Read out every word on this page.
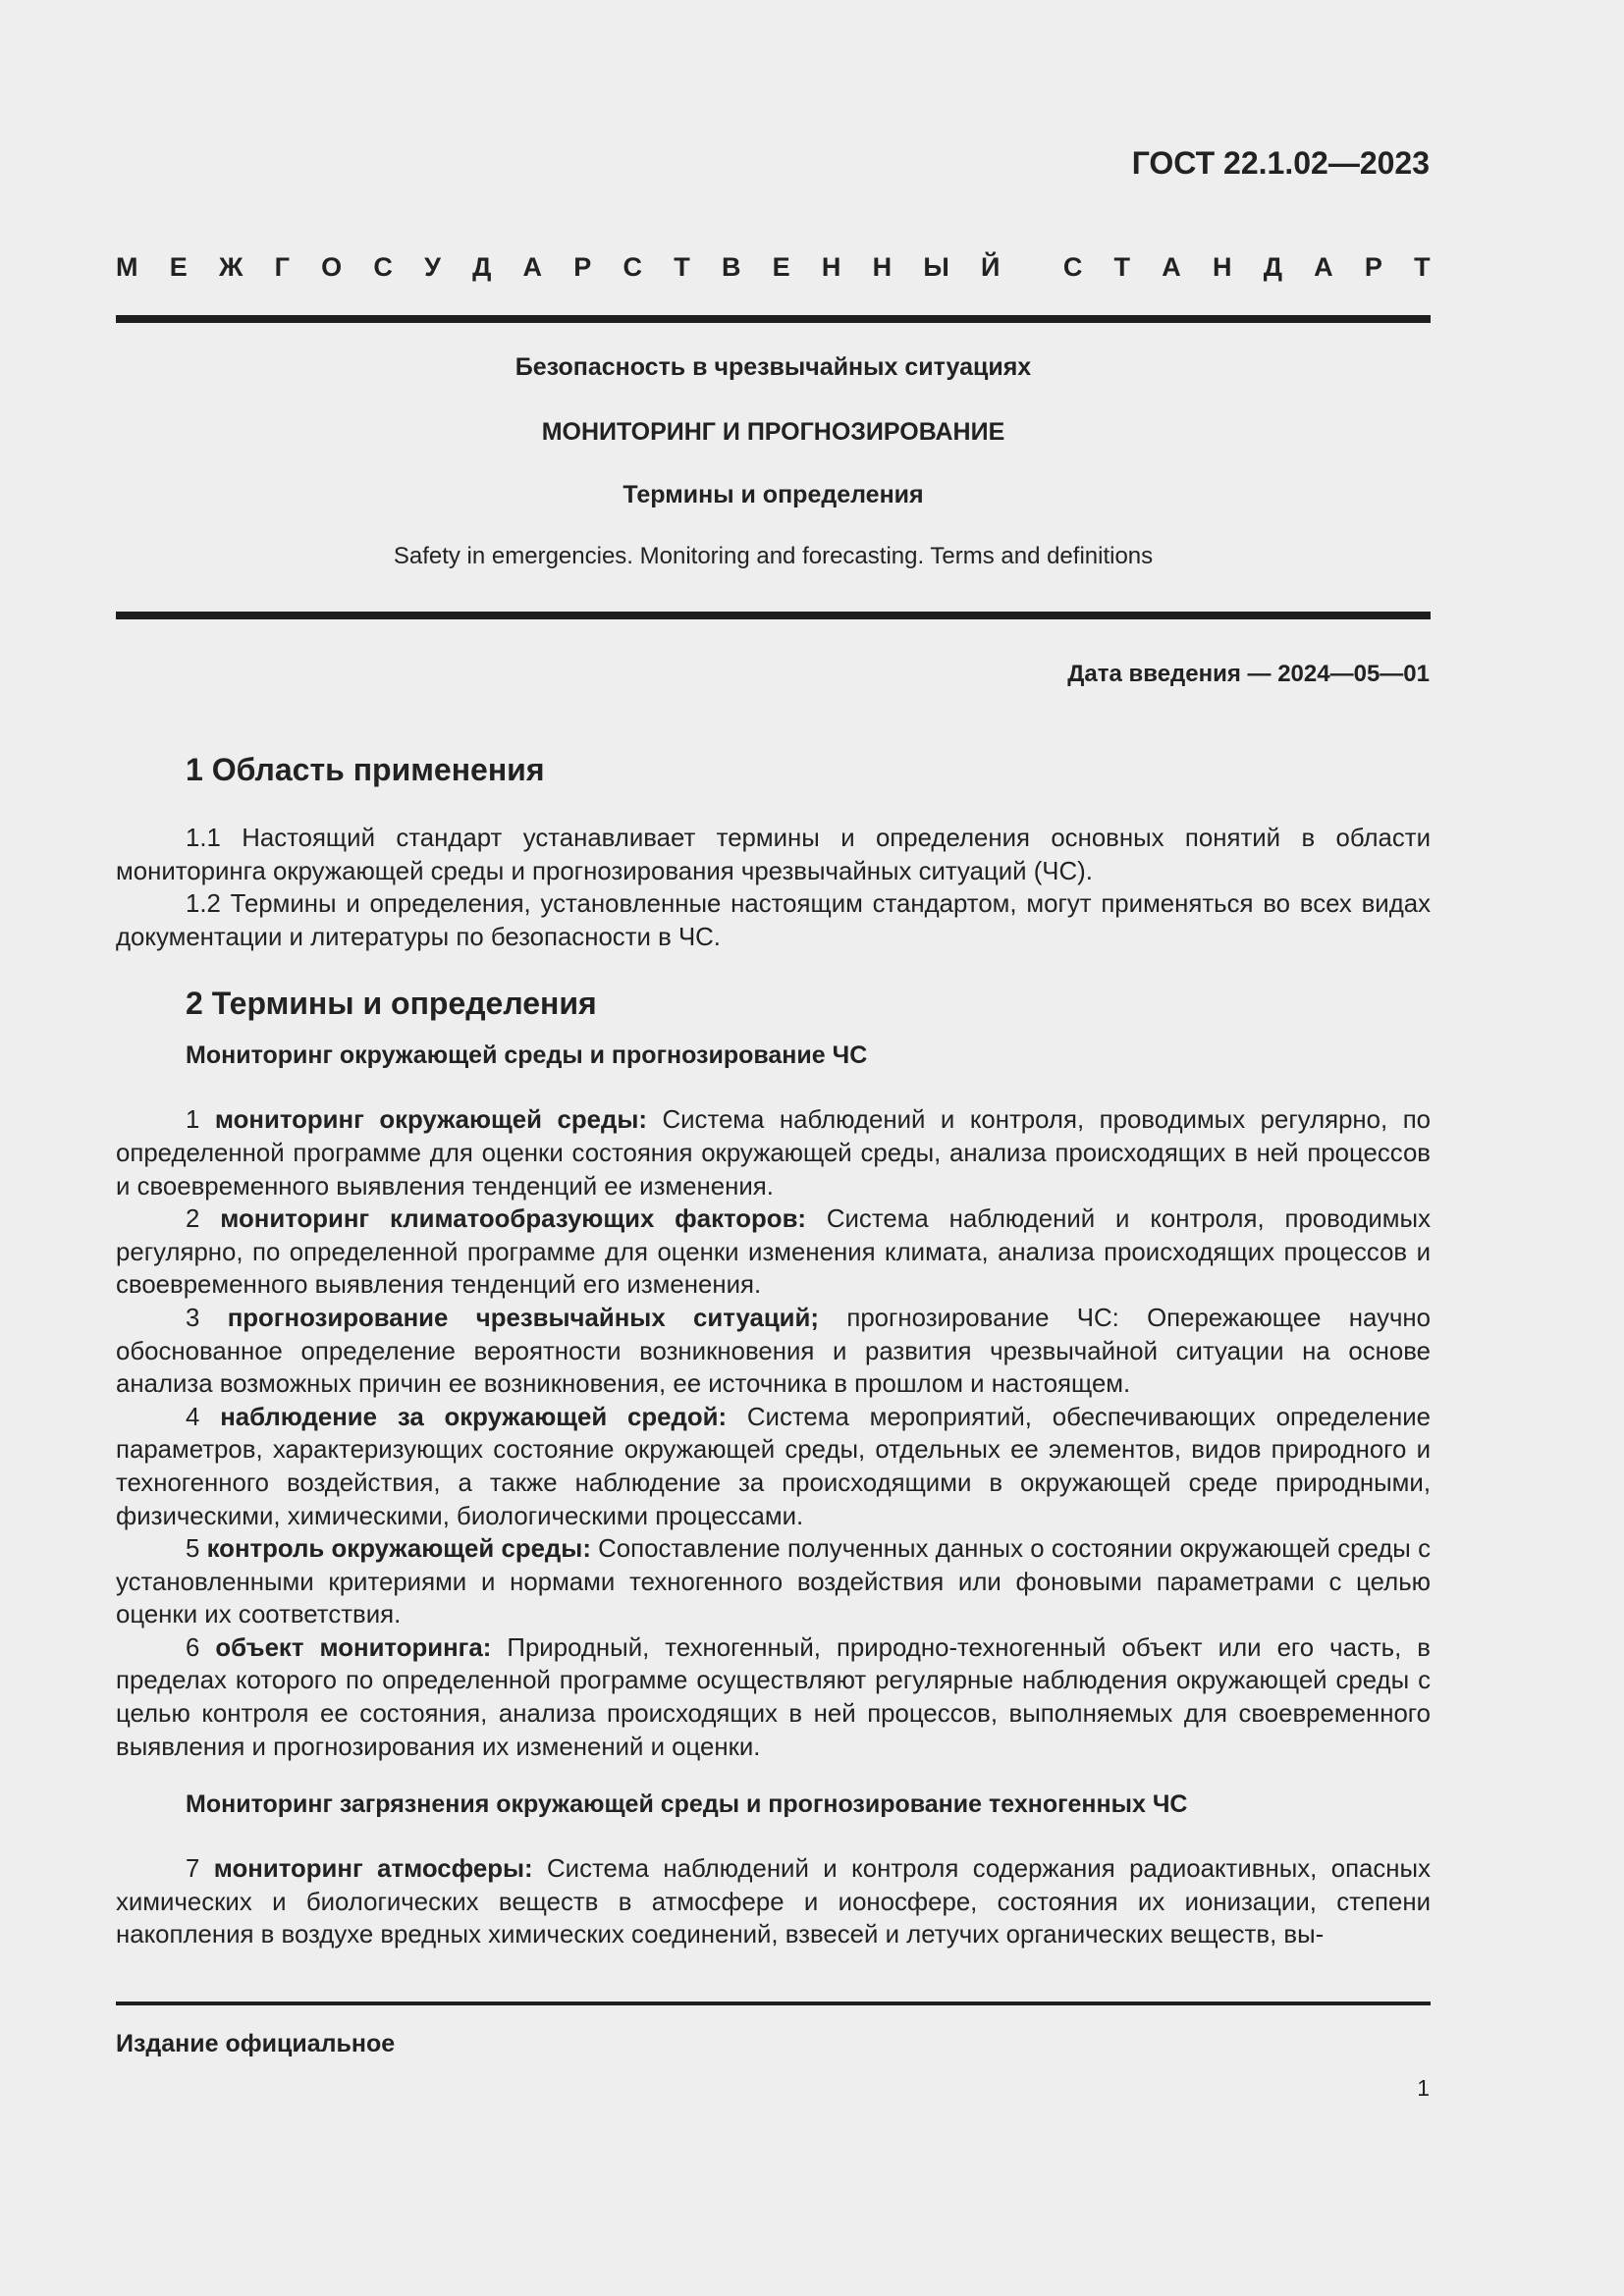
ГОСТ 22.1.02—2023
М Е Ж Г О С У Д А Р С Т В Е Н Н Ы Й С Т А Н Д А Р Т
Безопасность в чрезвычайных ситуациях
МОНИТОРИНГ И ПРОГНОЗИРОВАНИЕ
Термины и определения
Safety in emergencies. Monitoring and forecasting. Terms and definitions
Дата введения — 2024—05—01
1 Область применения

1.1 Настоящий стандарт устанавливает термины и определения основных понятий в области мониторинга окружающей среды и прогнозирования чрезвычайных ситуаций (ЧС).

1.2 Термины и определения, установленные настоящим стандартом, могут применяться во всех видах документации и литературы по безопасности в ЧС.

2 Термины и определения
Мониторинг окружающей среды и прогнозирование ЧС

1 мониторинг окружающей среды: Система наблюдений и контроля, проводимых регулярно, по определенной программе для оценки состояния окружающей среды, анализа происходящих в ней процессов и своевременного выявления тенденций ее изменения.

2 мониторинг климатообразующих факторов: Система наблюдений и контроля, проводимых регулярно, по определенной программе для оценки изменения климата, анализа происходящих процессов и своевременного выявления тенденций его изменения.

3 прогнозирование чрезвычайных ситуаций; прогнозирование ЧС: Опережающее научно обоснованное определение вероятности возникновения и развития чрезвычайной ситуации на основе анализа возможных причин ее возникновения, ее источника в прошлом и настоящем.

4 наблюдение за окружающей средой: Система мероприятий, обеспечивающих определение параметров, характеризующих состояние окружающей среды, отдельных ее элементов, видов природного и техногенного воздействия, а также наблюдение за происходящими в окружающей среде природными, физическими, химическими, биологическими процессами.

5 контроль окружающей среды: Сопоставление полученных данных о состоянии окружающей среды с установленными критериями и нормами техногенного воздействия или фоновыми параметрами с целью оценки их соответствия.

6 объект мониторинга: Природный, техногенный, природно-техногенный объект или его часть, в пределах которого по определенной программе осуществляют регулярные наблюдения окружающей среды с целью контроля ее состояния, анализа происходящих в ней процессов, выполняемых для своевременного выявления и прогнозирования их изменений и оценки.

Мониторинг загрязнения окружающей среды и прогнозирование техногенных ЧС

7 мониторинг атмосферы: Система наблюдений и контроля содержания радиоактивных, опасных химических и биологических веществ в атмосфере и ионосфере, состояния их ионизации, степени накопления в воздухе вредных химических соединений, взвесей и летучих органических веществ, вы-

Издание официальное
1
